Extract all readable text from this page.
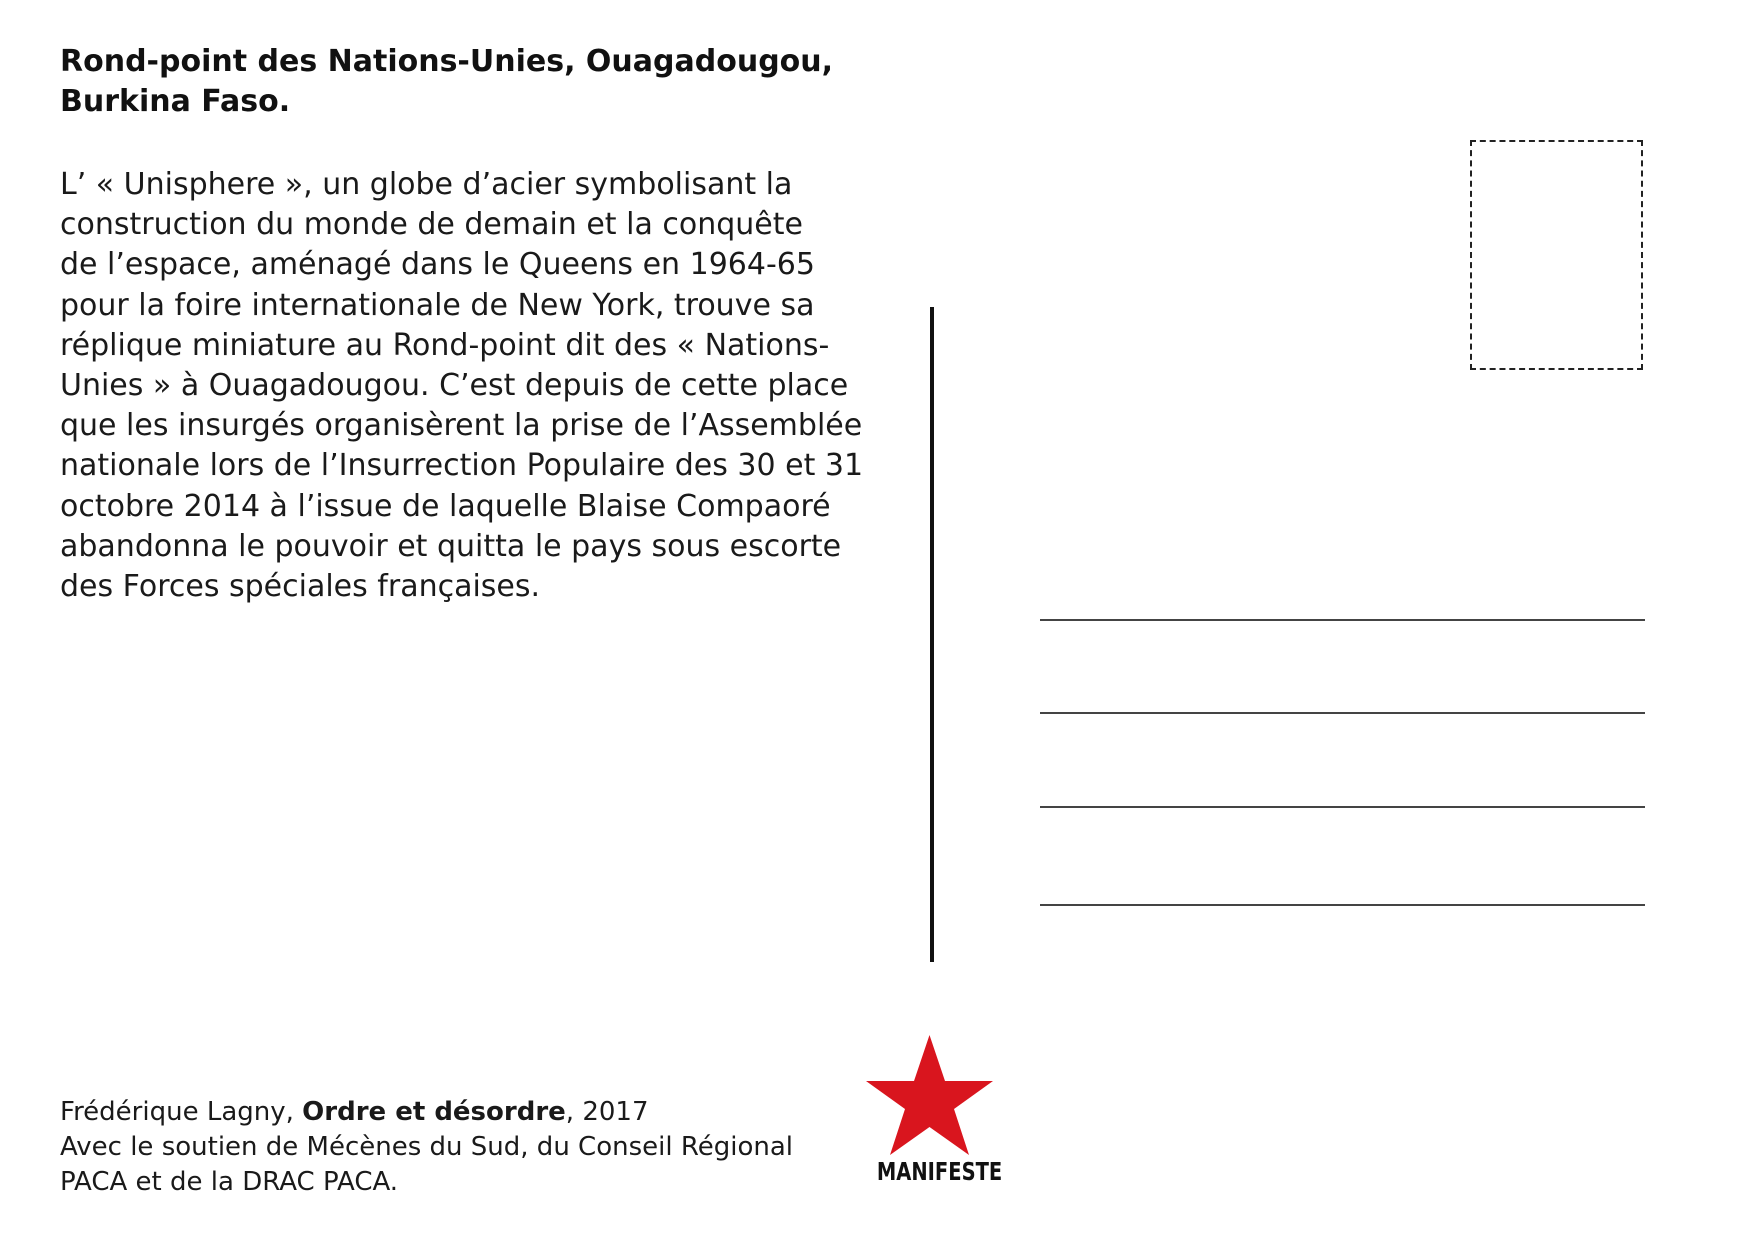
Rond-point des Nations-Unies, Ouagadougou,
Burkina Faso.
L’ « Unisphere », un globe d’acier symbolisant la
construction du monde de demain et la conquête
de l’espace, aménagé dans le Queens en 1964-65
pour la foire internationale de New York, trouve sa
réplique miniature au Rond-point dit des « Nations-
Unies » à Ouagadougou. C’est depuis de cette place
que les insurgés organisèrent la prise de l’Assemblée
nationale lors de l’Insurrection Populaire des 30 et 31
octobre 2014 à l’issue de laquelle Blaise Compaoré
abandonna le pouvoir et quitta le pays sous escorte
des Forces spéciales françaises.
Frédérique Lagny, Ordre et désordre, 2017
Avec le soutien de Mécènes du Sud, du Conseil Régional
PACA et de la DRAC PACA.	MANIFESTE
